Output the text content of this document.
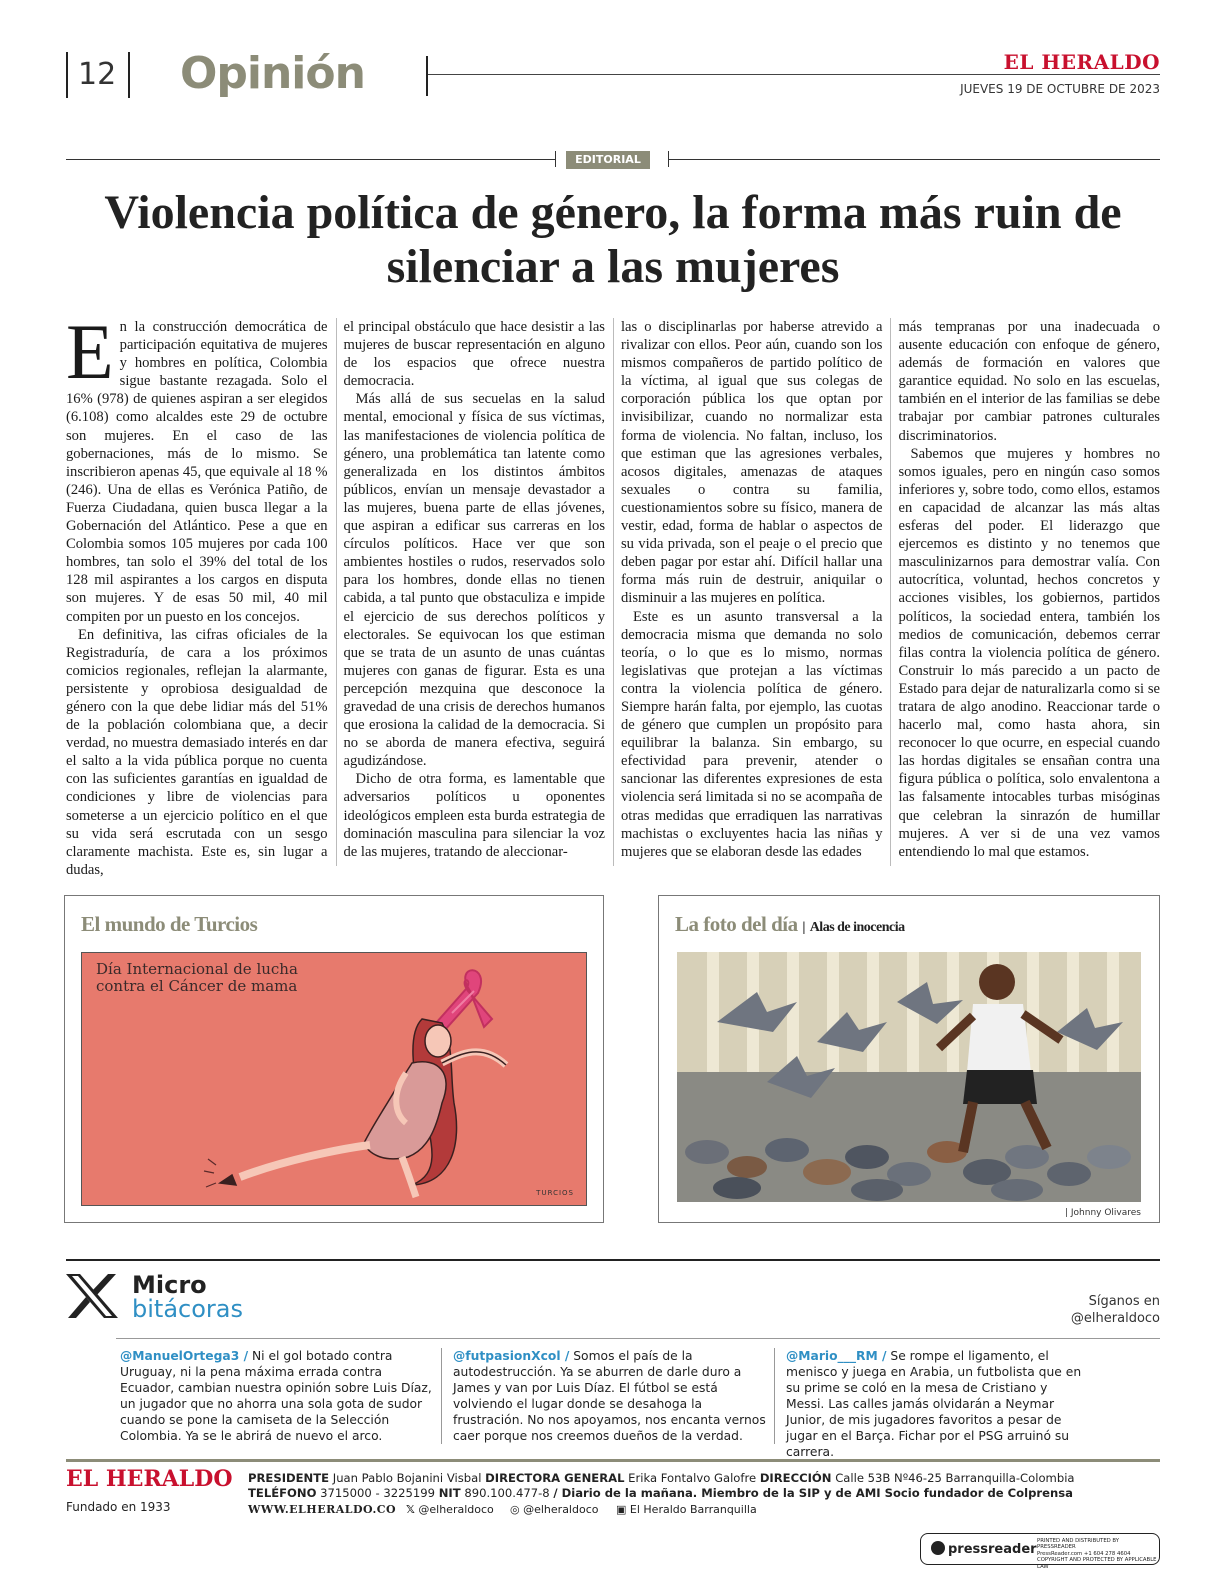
12	Opinión	EL HERALDO
JUEVES 19 DE OCTUBRE DE 2023
EDITORIAL
Violencia política de género, la forma más ruin de silenciar a las mujeres

En la construcción democrática de participación equitativa de mujeres y hombres en política, Colombia sigue bastante rezagada. Solo el 16% (978) de quienes aspiran a ser elegidos (6.108) como alcaldes este 29 de octubre son mujeres. En el caso de las gobernaciones, más de lo mismo. Se inscribieron apenas 45, que equivale al 18 % (246). Una de ellas es Verónica Patiño, de Fuerza Ciudadana, quien busca llegar a la Gobernación del Atlántico. Pese a que en Colombia somos 105 mujeres por cada 100 hombres, tan solo el 39% del total de los 128 mil aspirantes a los cargos en disputa son mujeres. Y de esas 50 mil, 40 mil compiten por un puesto en los concejos.

En definitiva, las cifras oficiales de la Registraduría, de cara a los próximos comicios regionales, reflejan la alarmante, persistente y oprobiosa desigualdad de género con la que debe lidiar más del 51% de la población colombiana que, a decir verdad, no muestra demasiado interés en dar el salto a la vida pública porque no cuenta con las suficientes garantías en igualdad de condiciones y libre de violencias para someterse a un ejercicio político en el que su vida será escrutada con un sesgo claramente machista. Este es, sin lugar a dudas,

el principal obstáculo que hace desistir a las mujeres de buscar representación en alguno de los espacios que ofrece nuestra democracia.

Más allá de sus secuelas en la salud mental, emocional y física de sus víctimas, las manifestaciones de violencia política de género, una problemática tan latente como generalizada en los distintos ámbitos públicos, envían un mensaje devastador a las mujeres, buena parte de ellas jóvenes, que aspiran a edificar sus carreras en los círculos políticos. Hace ver que son ambientes hostiles o rudos, reservados solo para los hombres, donde ellas no tienen cabida, a tal punto que obstaculiza e impide el ejercicio de sus derechos políticos y electorales. Se equivocan los que estiman que se trata de un asunto de unas cuántas mujeres con ganas de figurar. Esta es una percepción mezquina que desconoce la gravedad de una crisis de derechos humanos que erosiona la calidad de la democracia. Si no se aborda de manera efectiva, seguirá agudizándose.

Dicho de otra forma, es lamentable que adversarios políticos u oponentes ideológicos empleen esta burda estrategia de dominación masculina para silenciar la voz de las mujeres, tratando de aleccionar-

las o disciplinarlas por haberse atrevido a rivalizar con ellos. Peor aún, cuando son los mismos compañeros de partido político de la víctima, al igual que sus colegas de corporación pública los que optan por invisibilizar, cuando no normalizar esta forma de violencia. No faltan, incluso, los que estiman que las agresiones verbales, acosos digitales, amenazas de ataques sexuales o contra su familia, cuestionamientos sobre su físico, manera de vestir, edad, forma de hablar o aspectos de su vida privada, son el peaje o el precio que deben pagar por estar ahí. Difícil hallar una forma más ruin de destruir, aniquilar o disminuir a las mujeres en política.

Este es un asunto transversal a la democracia misma que demanda no solo teoría, o lo que es lo mismo, normas legislativas que protejan a las víctimas contra la violencia política de género. Siempre harán falta, por ejemplo, las cuotas de género que cumplen un propósito para equilibrar la balanza. Sin embargo, su efectividad para prevenir, atender o sancionar las diferentes expresiones de esta violencia será limitada si no se acompaña de otras medidas que erradiquen las narrativas machistas o excluyentes hacia las niñas y mujeres que se elaboran desde las edades

más tempranas por una inadecuada o ausente educación con enfoque de género, además de formación en valores que garantice equidad. No solo en las escuelas, también en el interior de las familias se debe trabajar por cambiar patrones culturales discriminatorios.

Sabemos que mujeres y hombres no somos iguales, pero en ningún caso somos inferiores y, sobre todo, como ellos, estamos en capacidad de alcanzar las más altas esferas del poder. El liderazgo que ejercemos es distinto y no tenemos que masculinizarnos para demostrar valía. Con autocrítica, voluntad, hechos concretos y acciones visibles, los gobiernos, partidos políticos, la sociedad entera, también los medios de comunicación, debemos cerrar filas contra la violencia política de género. Construir lo más parecido a un pacto de Estado para dejar de naturalizarla como si se tratara de algo anodino. Reaccionar tarde o hacerlo mal, como hasta ahora, sin reconocer lo que ocurre, en especial cuando las hordas digitales se ensañan contra una figura pública o política, solo envalentona a las falsamente intocables turbas misóginas que celebran la sinrazón de humillar mujeres. A ver si de una vez vamos entendiendo lo mal que estamos.

El mundo de Turcios
Día Internacional de lucha
contra el Cáncer de mama
TURCIOS
La foto del día | Alas de inocencia
| Johnny Olivares
Micro
bitácoras	Síganos en
@elheraldoco
@ManuelOrtega3 / Ni el gol botado contra Uruguay, ni la pena máxima errada contra Ecuador, cambian nuestra opinión sobre Luis Díaz, un jugador que no ahorra una sola gota de sudor cuando se pone la camiseta de la Selección Colombia. Ya se le abrirá de nuevo el arco.
@futpasionXcol / Somos el país de la autodestrucción. Ya se aburren de darle duro a James y van por Luis Díaz. El fútbol se está volviendo el lugar donde se desahoga la frustración. No nos apoyamos, nos encanta vernos caer porque nos creemos dueños de la verdad.
@Mario___RM / Se rompe el ligamento, el menisco y juega en Arabia, un futbolista que en su prime se coló en la mesa de Cristiano y Messi. Las calles jamás olvidarán a Neymar Junior, de mis jugadores favoritos a pesar de jugar en el Barça. Fichar por el PSG arruinó su carrera.
EL HERALDO
Fundado en 1933
PRESIDENTE Juan Pablo Bojanini Visbal DIRECTORA GENERAL Erika Fontalvo Galofre DIRECCIÓN Calle 53B Nº46-25 Barranquilla-Colombia
TELÉFONO 3715000 - 3225199 NIT 890.100.477-8 / Diario de la mañana. Miembro de la SIP y de AMI Socio fundador de Colprensa
WWW.ELHERALDO.CO 𝕏 @elheraldoco ◎ @elheraldoco ▣ El Heraldo Barranquilla
pressreader
PRINTED AND DISTRIBUTED BY PRESSREADER
PressReader.com +1 604 278 4604
COPYRIGHT AND PROTECTED BY APPLICABLE LAW
